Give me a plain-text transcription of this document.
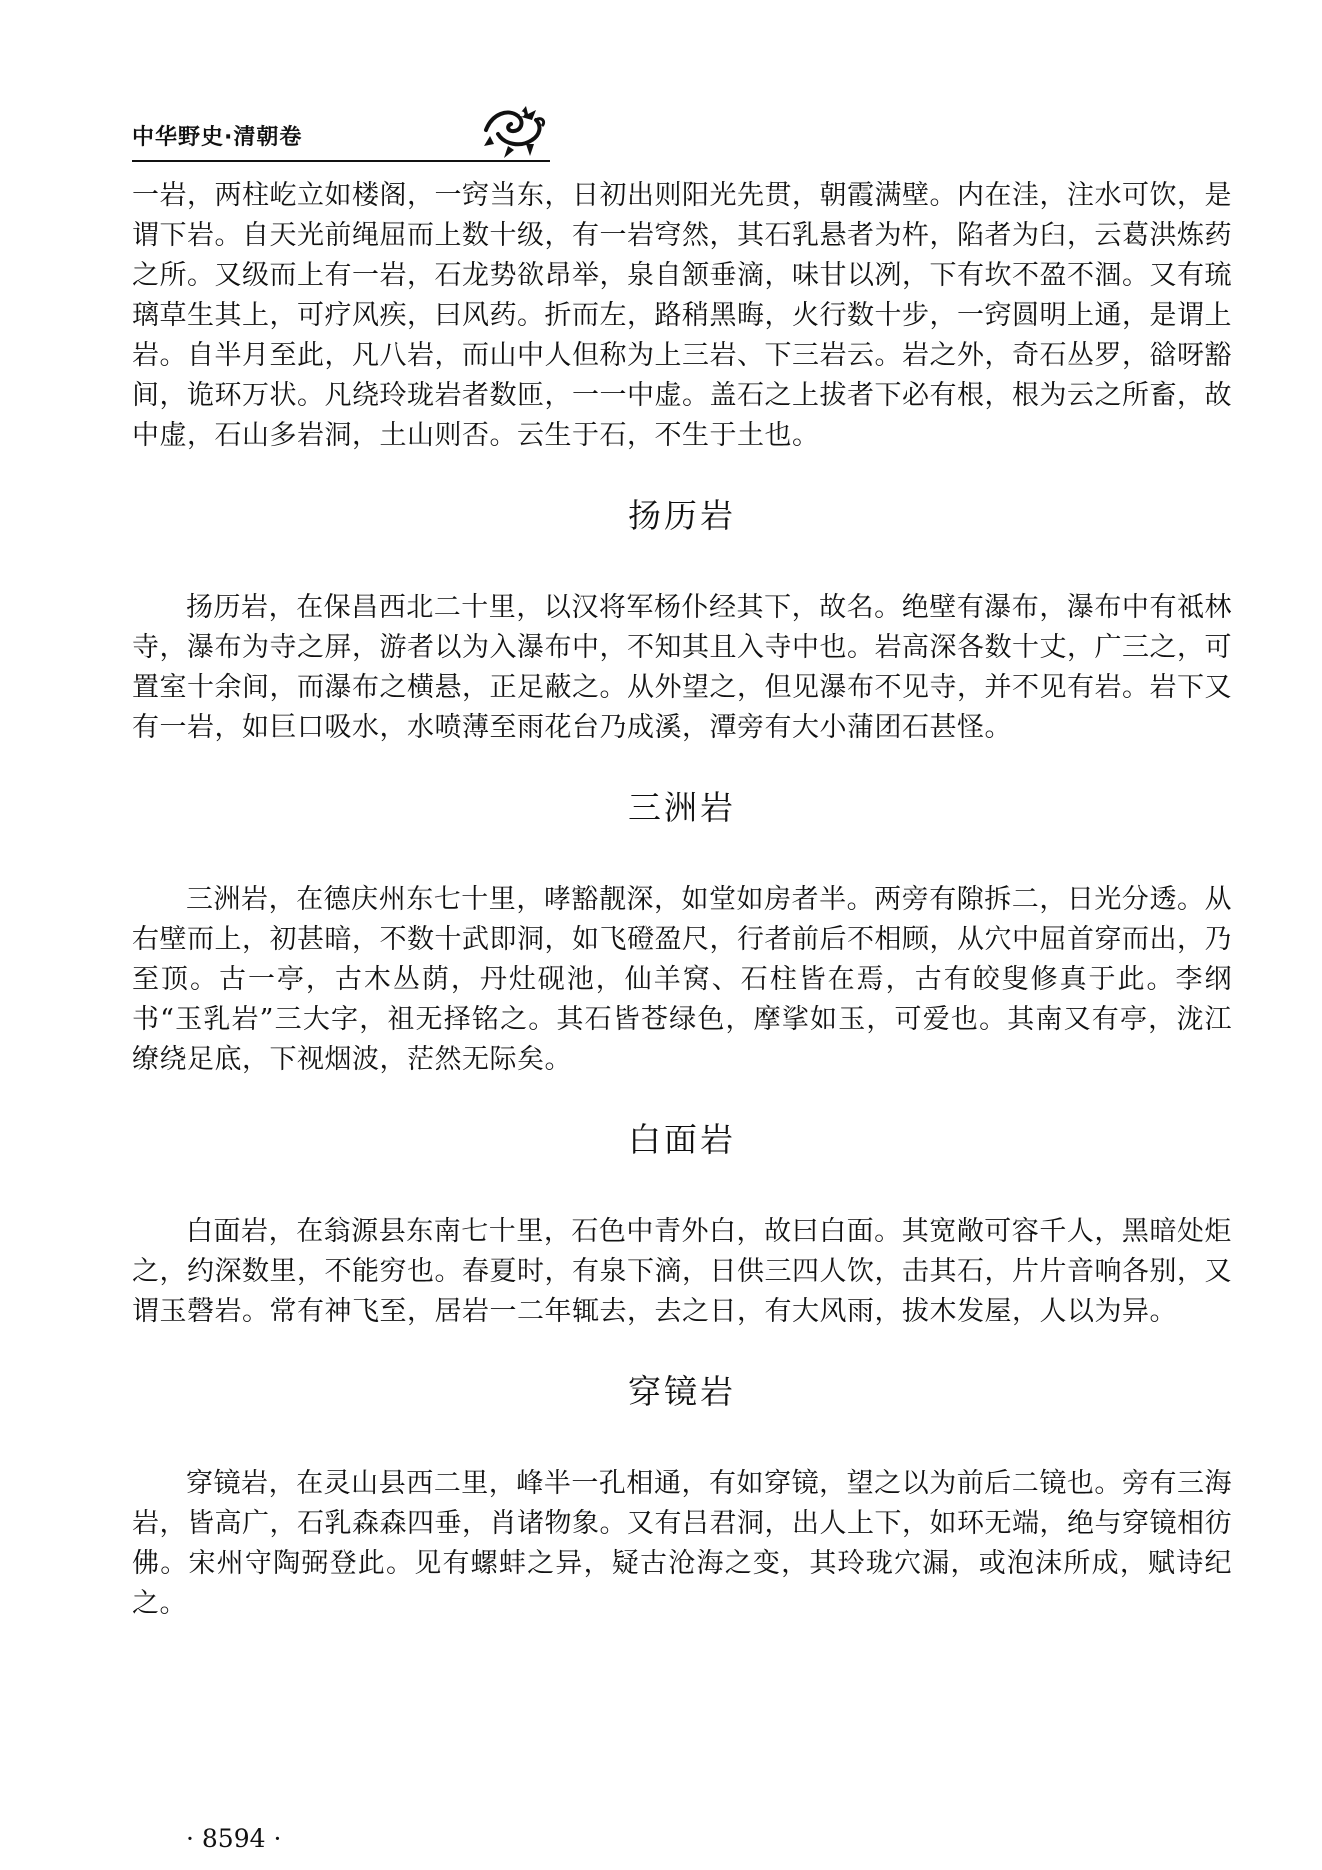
中华野史·清朝卷

一岩，两柱屹立如楼阁，一窍当东，日初出则阳光先贯，朝霞满壁。内在洼，注水可饮，是谓下岩。自天光前绳屈而上数十级，有一岩穹然，其石乳悬者为杵，陷者为臼，云葛洪炼药之所。又级而上有一岩，石龙势欲昂举，泉自颔垂滴，味甘以冽，下有坎不盈不涸。又有琉璃草生其上，可疗风疾，曰风药。折而左，路稍黑晦，火行数十步，一窍圆明上通，是谓上岩。自半月至此，凡八岩，而山中人但称为上三岩、下三岩云。岩之外，奇石丛罗，谽呀豁间，诡环万状。凡绕玲珑岩者数匝，一一中虚。盖石之上拔者下必有根，根为云之所畜，故中虚，石山多岩洞，土山则否。云生于石，不生于土也。

扬历岩

扬历岩，在保昌西北二十里，以汉将军杨仆经其下，故名。绝壁有瀑布，瀑布中有祗林寺，瀑布为寺之屏，游者以为入瀑布中，不知其且入寺中也。岩高深各数十丈，广三之，可置室十余间，而瀑布之横悬，正足蔽之。从外望之，但见瀑布不见寺，并不见有岩。岩下又有一岩，如巨口吸水，水喷薄至雨花台乃成溪，潭旁有大小蒲团石甚怪。

三洲岩

三洲岩，在德庆州东七十里，哮豁靓深，如堂如房者半。两旁有隙拆二，日光分透。从右壁而上，初甚暗，不数十武即洞，如飞磴盈尺，行者前后不相顾，从穴中屈首穿而出，乃至顶。古一亭，古木丛荫，丹灶砚池，仙羊窝、石柱皆在焉，古有皎叟修真于此。李纲书“玉乳岩”三大字，祖无择铭之。其石皆苍绿色，摩挲如玉，可爱也。其南又有亭，泷江缭绕足底，下视烟波，茫然无际矣。

白面岩

白面岩，在翁源县东南七十里，石色中青外白，故曰白面。其宽敞可容千人，黑暗处炬之，约深数里，不能穷也。春夏时，有泉下滴，日供三四人饮，击其石，片片音响各别，又谓玉磬岩。常有神飞至，居岩一二年辄去，去之日，有大风雨，拔木发屋，人以为异。

穿镜岩

穿镜岩，在灵山县西二里，峰半一孔相通，有如穿镜，望之以为前后二镜也。旁有三海岩，皆高广，石乳森森四垂，肖诸物象。又有吕君洞，出人上下，如环无端，绝与穿镜相彷佛。宋州守陶弼登此。见有螺蚌之异，疑古沧海之变，其玲珑穴漏，或泡沫所成，赋诗纪之。

· 8594 ·
